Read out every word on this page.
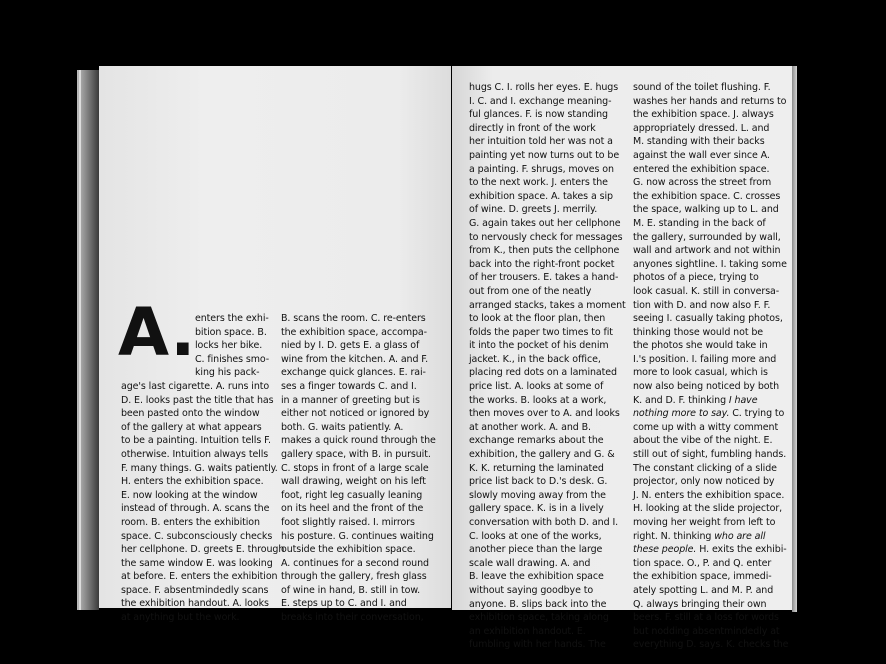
A. enters the exhi-
bition space. B.
locks her bike.
C. finishes smo-
king his pack-
age's last cigarette. A. runs into
D. E. looks past the title that has
been pasted onto the window
of the gallery at what appears
to be a painting. Intuition tells F.
otherwise. Intuition always tells
F. many things. G. waits patiently.
H. enters the exhibition space.
E. now looking at the window
instead of through. A. scans the
room. B. enters the exhibition
space. C. subconsciously checks
her cellphone. D. greets E. through
the same window E. was looking
at before. E. enters the exhibition
space. F. absentmindedly scans
the exhibition handout. A. looks
at anything but the work.
B. scans the room. C. re-enters
the exhibition space, accompa-
nied by I. D. gets E. a glass of
wine from the kitchen. A. and F.
exchange quick glances. E. rai-
ses a finger towards C. and I.
in a manner of greeting but is
either not noticed or ignored by
both. G. waits patiently. A.
makes a quick round through the
gallery space, with B. in pursuit.
C. stops in front of a large scale
wall drawing, weight on his left
foot, right leg casually leaning
on its heel and the front of the
foot slightly raised. I. mirrors
his posture. G. continues waiting
outside the exhibition space.
A. continues for a second round
through the gallery, fresh glass
of wine in hand, B. still in tow.
E. steps up to C. and I. and
breaks into their conversation,
hugs C. I. rolls her eyes. E. hugs
I. C. and I. exchange meaning-
ful glances. F. is now standing
directly in front of the work
her intuition told her was not a
painting yet now turns out to be
a painting. F. shrugs, moves on
to the next work. J. enters the
exhibition space. A. takes a sip
of wine. D. greets J. merrily.
G. again takes out her cellphone
to nervously check for messages
from K., then puts the cellphone
back into the right-front pocket
of her trousers. E. takes a hand-
out from one of the neatly
arranged stacks, takes a moment
to look at the floor plan, then
folds the paper two times to fit
it into the pocket of his denim
jacket. K., in the back office,
placing red dots on a laminated
price list. A. looks at some of
the works. B. looks at a work,
then moves over to A. and looks
at another work. A. and B.
exchange remarks about the
exhibition, the gallery and G. &
K. K. returning the laminated
price list back to D.'s desk. G.
slowly moving away from the
gallery space. K. is in a lively
conversation with both D. and I.
C. looks at one of the works,
another piece than the large
scale wall drawing. A. and
B. leave the exhibition space
without saying goodbye to
anyone. B. slips back into the
exhibition space, taking along
an exhibition handout. E.
fumbling with her hands. The
sound of the toilet flushing. F.
washes her hands and returns to
the exhibition space. J. always
appropriately dressed. L. and
M. standing with their backs
against the wall ever since A.
entered the exhibition space.
G. now across the street from
the exhibition space. C. crosses
the space, walking up to L. and
M. E. standing in the back of
the gallery, surrounded by wall,
wall and artwork and not within
anyones sightline. I. taking some
photos of a piece, trying to
look casual. K. still in conversa-
tion with D. and now also F. F.
seeing I. casually taking photos,
thinking those would not be
the photos she would take in
I.'s position. I. failing more and
more to look casual, which is
now also being noticed by both
K. and D. F. thinking I have
nothing more to say. C. trying to
come up with a witty comment
about the vibe of the night. E.
still out of sight, fumbling hands.
The constant clicking of a slide
projector, only now noticed by
J. N. enters the exhibition space.
H. looking at the slide projector,
moving her weight from left to
right. N. thinking who are all
these people. H. exits the exhibi-
tion space. O., P. and Q. enter
the exhibition space, immedi-
ately spotting L. and M. P. and
Q. always bringing their own
beers. F. still at a loss for words
but nodding absentmindedly at
everything D. says. K. checks the
